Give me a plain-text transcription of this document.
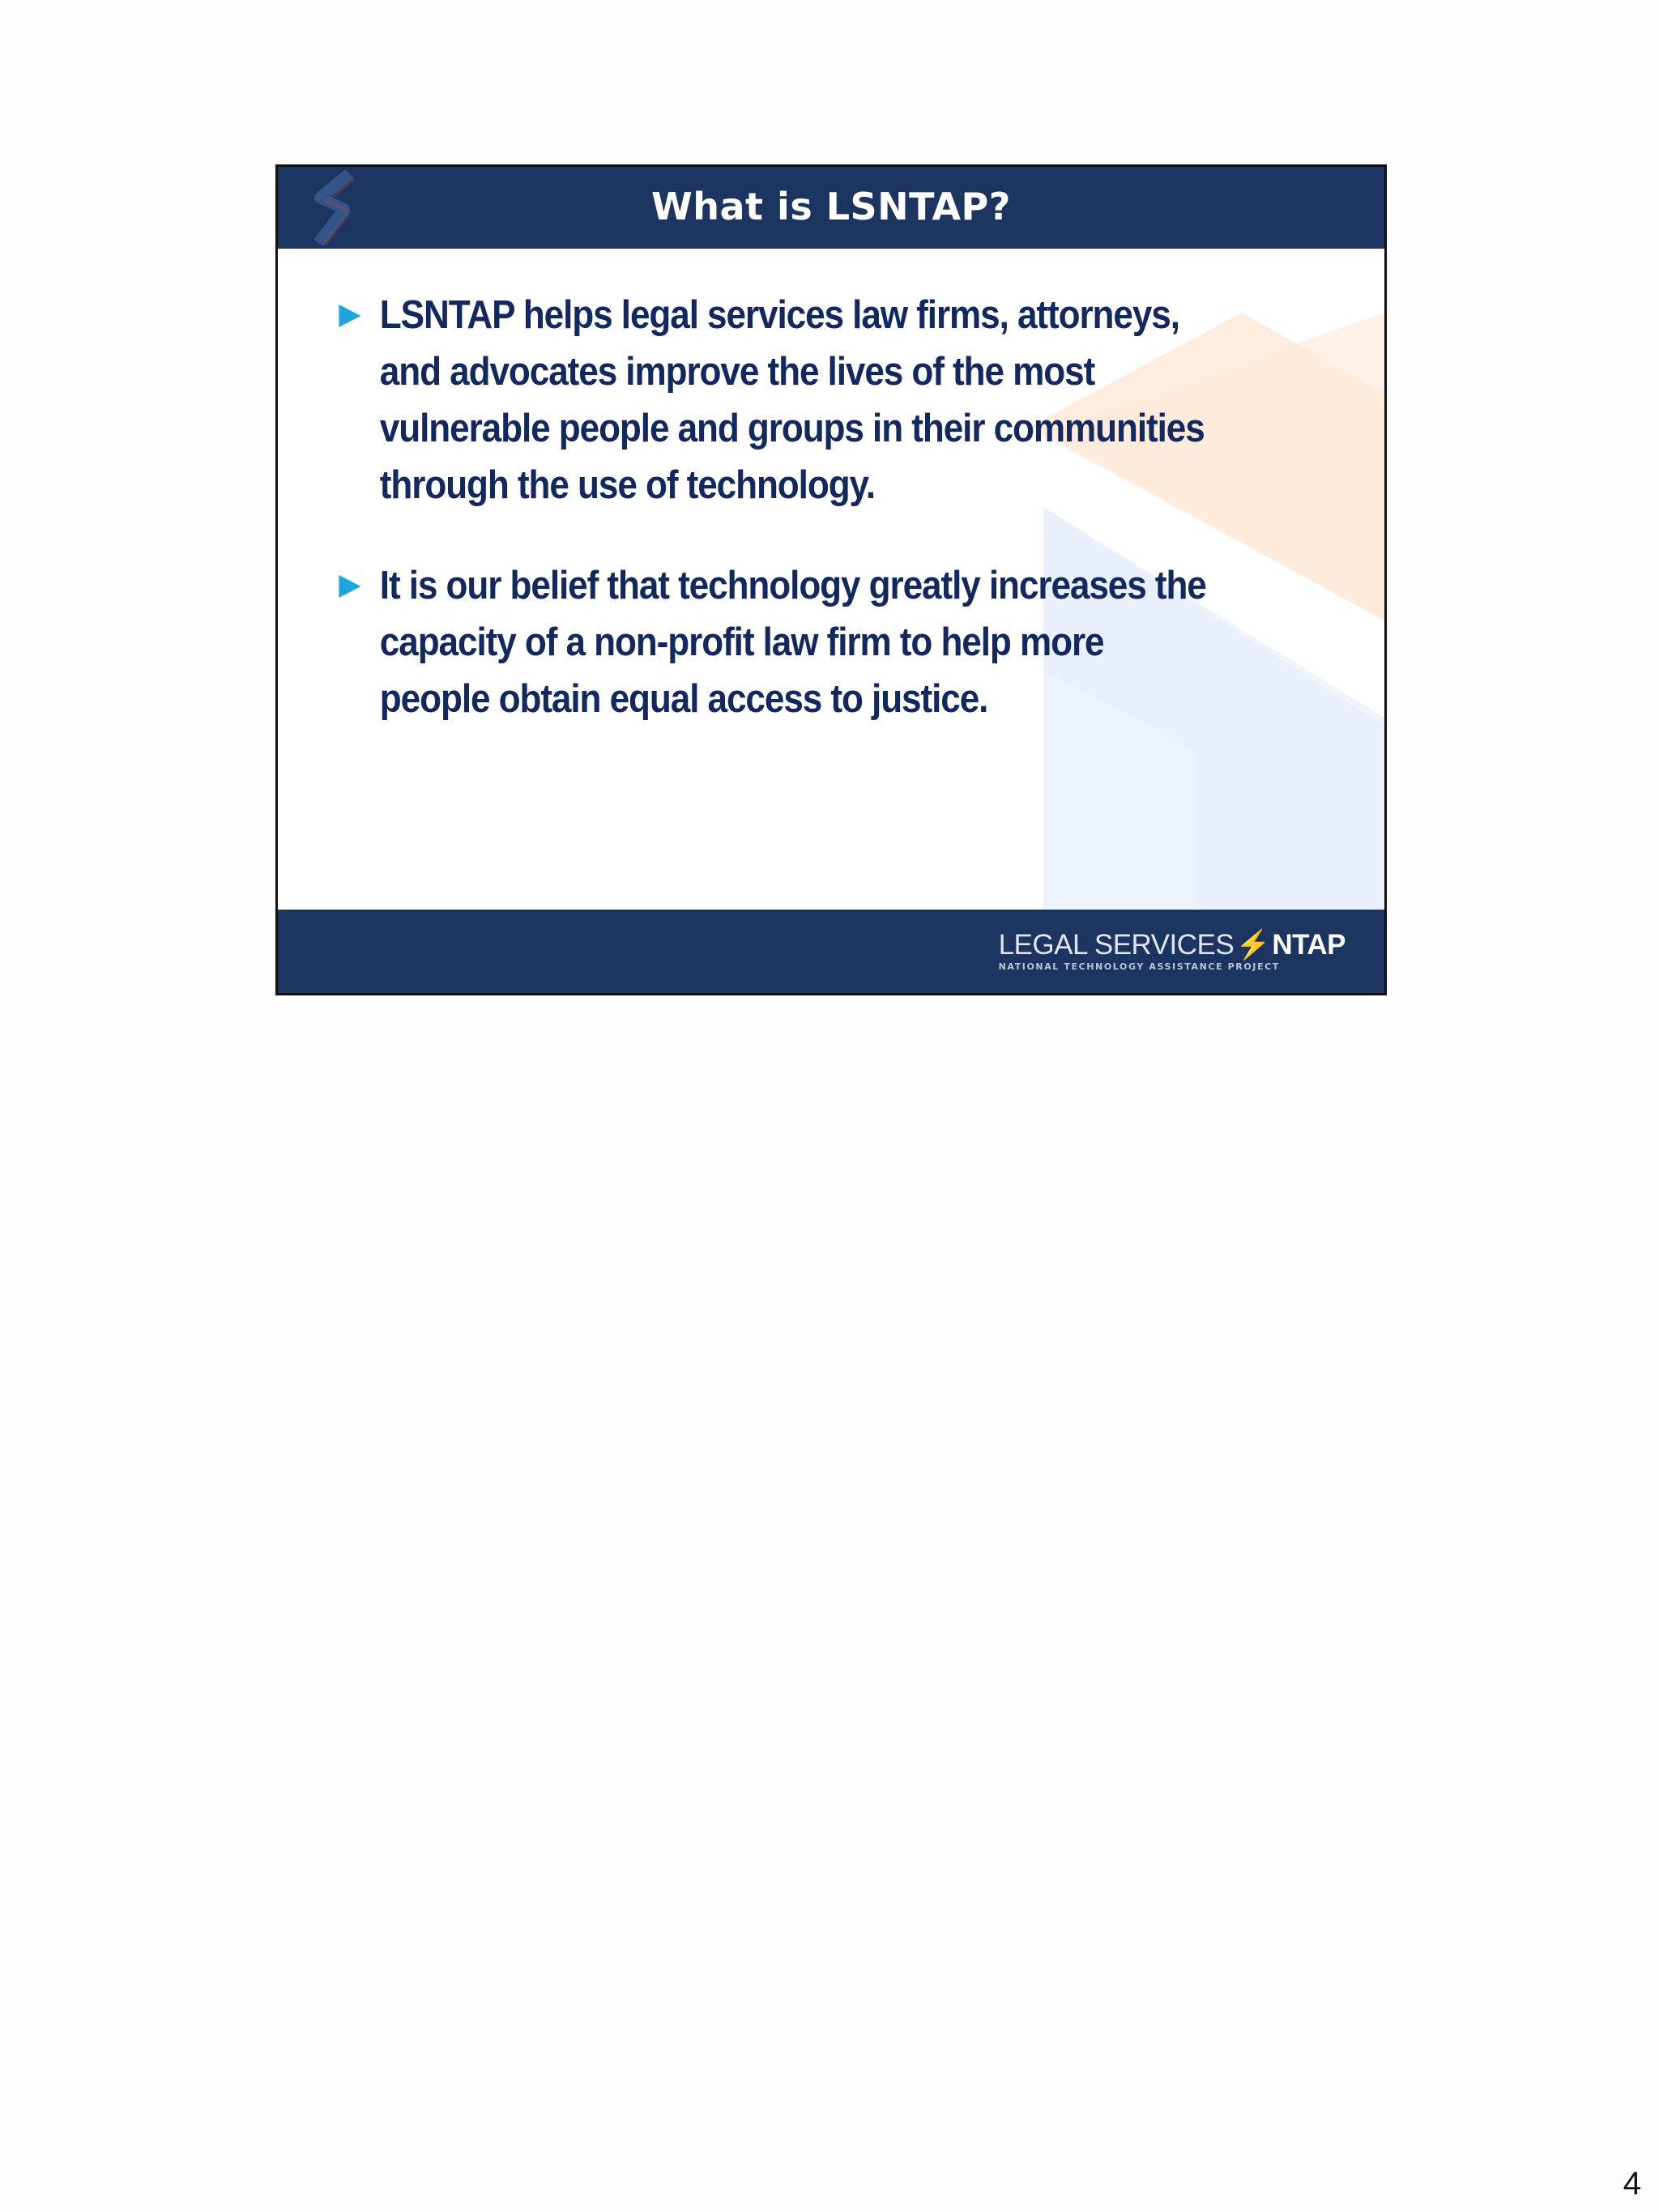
What is LSNTAP?
LSNTAP helps legal services law firms, attorneys, and advocates improve the lives of the most vulnerable people and groups in their communities through the use of technology.
It is our belief that technology greatly increases the capacity of a non-profit law firm to help more people obtain equal access to justice.
LEGAL SERVICES⚡NTAP
NATIONAL TECHNOLOGY ASSISTANCE PROJECT
4
